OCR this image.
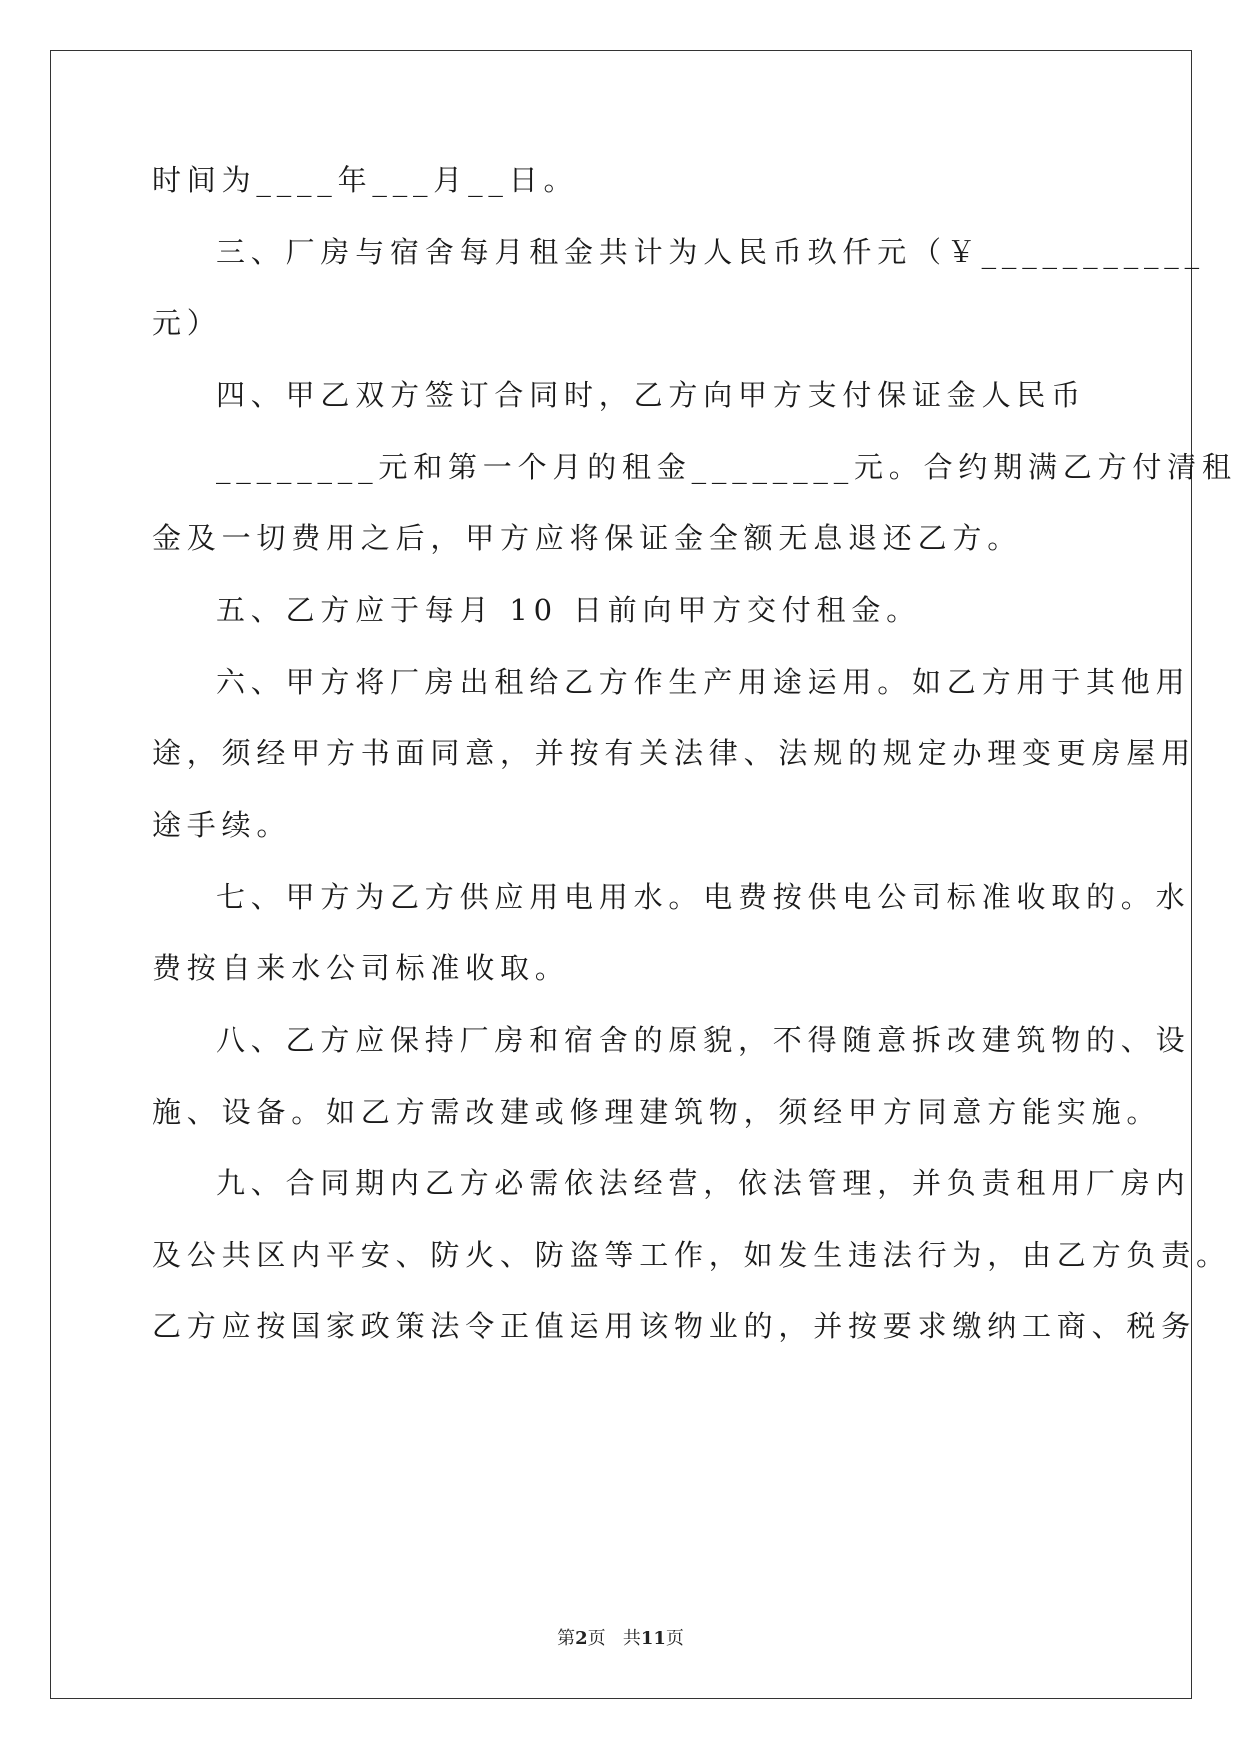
时间为____年___月__日。
三、厂房与宿舍每月租金共计为人民币玖仟元（￥___________
元）
四、甲乙双方签订合同时，乙方向甲方支付保证金人民币
________元和第一个月的租金________元。合约期满乙方付清租
金及一切费用之后，甲方应将保证金全额无息退还乙方。
五、乙方应于每月 10 日前向甲方交付租金。
六、甲方将厂房出租给乙方作生产用途运用。如乙方用于其他用
途，须经甲方书面同意，并按有关法律、法规的规定办理变更房屋用
途手续。
七、甲方为乙方供应用电用水。电费按供电公司标准收取的。水
费按自来水公司标准收取。
八、乙方应保持厂房和宿舍的原貌，不得随意拆改建筑物的、设
施、设备。如乙方需改建或修理建筑物，须经甲方同意方能实施。
九、合同期内乙方必需依法经营，依法管理，并负责租用厂房内
及公共区内平安、防火、防盗等工作，如发生违法行为，由乙方负责。
乙方应按国家政策法令正值运用该物业的，并按要求缴纳工商、税务
第2页 共11页
